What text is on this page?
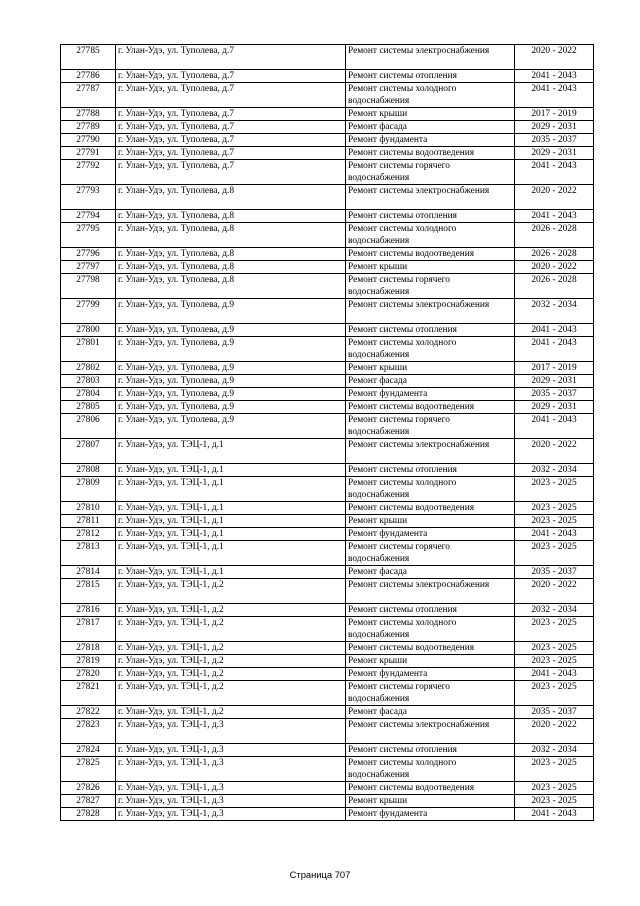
27785	г. Улан-Удэ, ул. Туполева, д.7	Ремонт системы электроснабжения	2020 - 2022
27786	г. Улан-Удэ, ул. Туполева, д.7	Ремонт системы отопления	2041 - 2043
27787	г. Улан-Удэ, ул. Туполева, д.7	Ремонт системы холодного водоснабжения	2041 - 2043
27788	г. Улан-Удэ, ул. Туполева, д.7	Ремонт крыши	2017 - 2019
27789	г. Улан-Удэ, ул. Туполева, д.7	Ремонт фасада	2029 - 2031
27790	г. Улан-Удэ, ул. Туполева, д.7	Ремонт фундамента	2035 - 2037
27791	г. Улан-Удэ, ул. Туполева, д.7	Ремонт системы водоотведения	2029 - 2031
27792	г. Улан-Удэ, ул. Туполева, д.7	Ремонт системы горячего водоснабжения	2041 - 2043
27793	г. Улан-Удэ, ул. Туполева, д.8	Ремонт системы электроснабжения	2020 - 2022
27794	г. Улан-Удэ, ул. Туполева, д.8	Ремонт системы отопления	2041 - 2043
27795	г. Улан-Удэ, ул. Туполева, д.8	Ремонт системы холодного водоснабжения	2026 - 2028
27796	г. Улан-Удэ, ул. Туполева, д.8	Ремонт системы водоотведения	2026 - 2028
27797	г. Улан-Удэ, ул. Туполева, д.8	Ремонт крыши	2020 - 2022
27798	г. Улан-Удэ, ул. Туполева, д.8	Ремонт системы горячего водоснабжения	2026 - 2028
27799	г. Улан-Удэ, ул. Туполева, д.9	Ремонт системы электроснабжения	2032 - 2034
27800	г. Улан-Удэ, ул. Туполева, д.9	Ремонт системы отопления	2041 - 2043
27801	г. Улан-Удэ, ул. Туполева, д.9	Ремонт системы холодного водоснабжения	2041 - 2043
27802	г. Улан-Удэ, ул. Туполева, д.9	Ремонт крыши	2017 - 2019
27803	г. Улан-Удэ, ул. Туполева, д.9	Ремонт фасада	2029 - 2031
27804	г. Улан-Удэ, ул. Туполева, д.9	Ремонт фундамента	2035 - 2037
27805	г. Улан-Удэ, ул. Туполева, д.9	Ремонт системы водоотведения	2029 - 2031
27806	г. Улан-Удэ, ул. Туполева, д.9	Ремонт системы горячего водоснабжения	2041 - 2043
27807	г. Улан-Удэ, ул. ТЭЦ-1, д.1	Ремонт системы электроснабжения	2020 - 2022
27808	г. Улан-Удэ, ул. ТЭЦ-1, д.1	Ремонт системы отопления	2032 - 2034
27809	г. Улан-Удэ, ул. ТЭЦ-1, д.1	Ремонт системы холодного водоснабжения	2023 - 2025
27810	г. Улан-Удэ, ул. ТЭЦ-1, д.1	Ремонт системы водоотведения	2023 - 2025
27811	г. Улан-Удэ, ул. ТЭЦ-1, д.1	Ремонт крыши	2023 - 2025
27812	г. Улан-Удэ, ул. ТЭЦ-1, д.1	Ремонт фундамента	2041 - 2043
27813	г. Улан-Удэ, ул. ТЭЦ-1, д.1	Ремонт системы горячего водоснабжения	2023 - 2025
27814	г. Улан-Удэ, ул. ТЭЦ-1, д.1	Ремонт фасада	2035 - 2037
27815	г. Улан-Удэ, ул. ТЭЦ-1, д.2	Ремонт системы электроснабжения	2020 - 2022
27816	г. Улан-Удэ, ул. ТЭЦ-1, д.2	Ремонт системы отопления	2032 - 2034
27817	г. Улан-Удэ, ул. ТЭЦ-1, д.2	Ремонт системы холодного водоснабжения	2023 - 2025
27818	г. Улан-Удэ, ул. ТЭЦ-1, д.2	Ремонт системы водоотведения	2023 - 2025
27819	г. Улан-Удэ, ул. ТЭЦ-1, д.2	Ремонт крыши	2023 - 2025
27820	г. Улан-Удэ, ул. ТЭЦ-1, д.2	Ремонт фундамента	2041 - 2043
27821	г. Улан-Удэ, ул. ТЭЦ-1, д.2	Ремонт системы горячего водоснабжения	2023 - 2025
27822	г. Улан-Удэ, ул. ТЭЦ-1, д.2	Ремонт фасада	2035 - 2037
27823	г. Улан-Удэ, ул. ТЭЦ-1, д.3	Ремонт системы электроснабжения	2020 - 2022
27824	г. Улан-Удэ, ул. ТЭЦ-1, д.3	Ремонт системы отопления	2032 - 2034
27825	г. Улан-Удэ, ул. ТЭЦ-1, д.3	Ремонт системы холодного водоснабжения	2023 - 2025
27826	г. Улан-Удэ, ул. ТЭЦ-1, д.3	Ремонт системы водоотведения	2023 - 2025
27827	г. Улан-Удэ, ул. ТЭЦ-1, д.3	Ремонт крыши	2023 - 2025
27828	г. Улан-Удэ, ул. ТЭЦ-1, д.3	Ремонт фундамента	2041 - 2043
Страница 707
